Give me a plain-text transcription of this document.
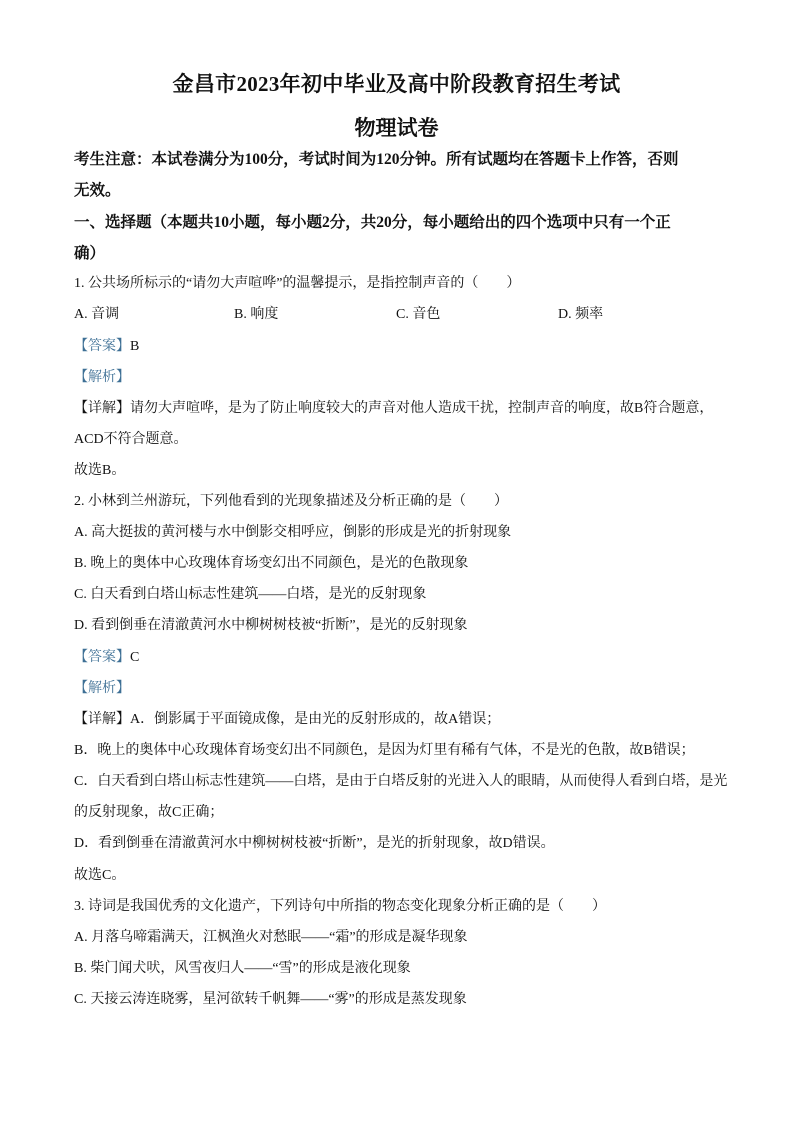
金昌市2023年初中毕业及高中阶段教育招生考试
物理试卷
考生注意：本试卷满分为100分，考试时间为120分钟。所有试题均在答题卡上作答，否则
无效。
一、选择题（本题共10小题，每小题2分，共20分，每小题给出的四个选项中只有一个正
确）
1. 公共场所标示的“请勿大声喧哗”的温馨提示，是指控制声音的（　　）
A. 音调	B. 响度	C. 音色	D. 频率
【答案】B
【解析】
【详解】请勿大声喧哗，是为了防止响度较大的声音对他人造成干扰，控制声音的响度，故B符合题意，
ACD不符合题意。
故选B。
2. 小林到兰州游玩，下列他看到的光现象描述及分析正确的是（　　）
A. 高大挺拔的黄河楼与水中倒影交相呼应，倒影的形成是光的折射现象
B. 晚上的奥体中心玫瑰体育场变幻出不同颜色，是光的色散现象
C. 白天看到白塔山标志性建筑——白塔，是光的反射现象
D. 看到倒垂在清澈黄河水中柳树树枝被“折断”，是光的反射现象
【答案】C
【解析】
【详解】A．倒影属于平面镜成像，是由光的反射形成的，故A错误；
B．晚上的奥体中心玫瑰体育场变幻出不同颜色，是因为灯里有稀有气体，不是光的色散，故B错误；
C．白天看到白塔山标志性建筑——白塔，是由于白塔反射的光进入人的眼睛，从而使得人看到白塔，是光
的反射现象，故C正确；
D．看到倒垂在清澈黄河水中柳树树枝被“折断”，是光的折射现象，故D错误。
故选C。
3. 诗词是我国优秀的文化遗产，下列诗句中所指的物态变化现象分析正确的是（　　）
A. 月落乌啼霜满天，江枫渔火对愁眠——“霜”的形成是凝华现象
B. 柴门闻犬吠，风雪夜归人——“雪”的形成是液化现象
C. 天接云涛连晓雾，星河欲转千帆舞——“雾”的形成是蒸发现象
